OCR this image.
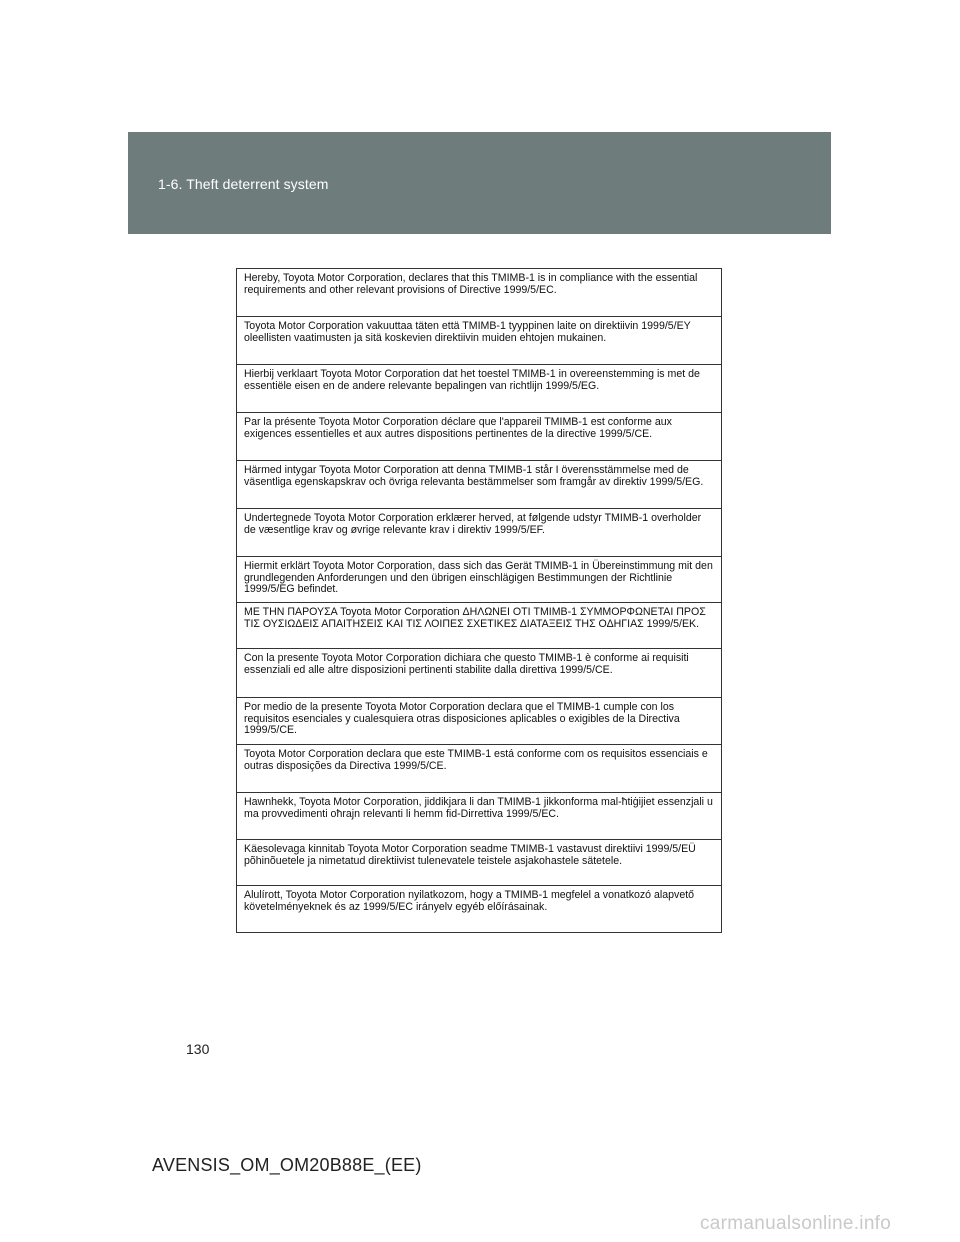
1-6. Theft deterrent system
Hereby, Toyota Motor Corporation, declares that this TMIMB-1 is in compliance with the essential requirements and other relevant provisions of Directive 1999/5/EC.
Toyota Motor Corporation vakuuttaa täten että TMIMB-1 tyyppinen laite on direktiivin 1999/5/EY oleellisten vaatimusten ja sitä koskevien direktiivin muiden ehtojen mukainen.
Hierbij verklaart Toyota Motor Corporation dat het toestel TMIMB-1 in overeenstemming is met de essentiële eisen en de andere relevante bepalingen van richtlijn 1999/5/EG.
Par la présente Toyota Motor Corporation déclare que l'appareil TMIMB-1 est conforme aux exigences essentielles et aux autres dispositions pertinentes de la directive 1999/5/CE.
Härmed intygar Toyota Motor Corporation att denna TMIMB-1 står I överensstämmelse med de väsentliga egenskapskrav och övriga relevanta bestämmelser som framgår av direktiv 1999/5/EG.
Undertegnede Toyota Motor Corporation erklærer herved, at følgende udstyr TMIMB-1 overholder de væsentlige krav og øvrige relevante krav i direktiv 1999/5/EF.
Hiermit erklärt Toyota Motor Corporation, dass sich das Gerät TMIMB-1 in Übereinstimmung mit den grundlegenden Anforderungen und den übrigen einschlägigen Bestimmungen der Richtlinie 1999/5/EG befindet.
ΜΕ ΤΗΝ ΠΑΡΟΥΣΑ Toyota Motor Corporation ΔΗΛΩΝΕΙ ΟΤΙ TMIMB-1 ΣΥΜΜΟΡΦΩΝΕΤΑΙ ΠΡΟΣ ΤΙΣ ΟΥΣΙΩΔΕΙΣ ΑΠΑΙΤΗΣΕΙΣ ΚΑΙ ΤΙΣ ΛΟΙΠΕΣ ΣΧΕΤΙΚΕΣ ΔΙΑΤΑΞΕΙΣ ΤΗΣ ΟΔΗΓΙΑΣ 1999/5/ΕΚ.
Con la presente Toyota Motor Corporation dichiara che questo TMIMB-1 è conforme ai requisiti essenziali ed alle altre disposizioni pertinenti stabilite dalla direttiva 1999/5/CE.
Por medio de la presente Toyota Motor Corporation declara que el TMIMB-1 cumple con los requisitos esenciales y cualesquiera otras disposiciones aplicables o exigibles de la Directiva 1999/5/CE.
Toyota Motor Corporation declara que este TMIMB-1 está conforme com os requisitos essenciais e outras disposições da Directiva 1999/5/CE.
Hawnhekk, Toyota Motor Corporation, jiddikjara li dan TMIMB-1 jikkonforma mal-ħtiġijiet essenzjali u ma provvedimenti oħrajn relevanti li hemm fid-Dirrettiva 1999/5/EC.
Käesolevaga kinnitab Toyota Motor Corporation seadme TMIMB-1 vastavust direktiivi 1999/5/EÜ põhinõuetele ja nimetatud direktiivist tulenevatele teistele asjakohastele sätetele.
Alulírott, Toyota Motor Corporation nyilatkozom, hogy a TMIMB-1 megfelel a vonatkozó alapvető követelményeknek és az 1999/5/EC irányelv egyéb előírásainak.
130
AVENSIS_OM_OM20B88E_(EE)
carmanualsonline.info
